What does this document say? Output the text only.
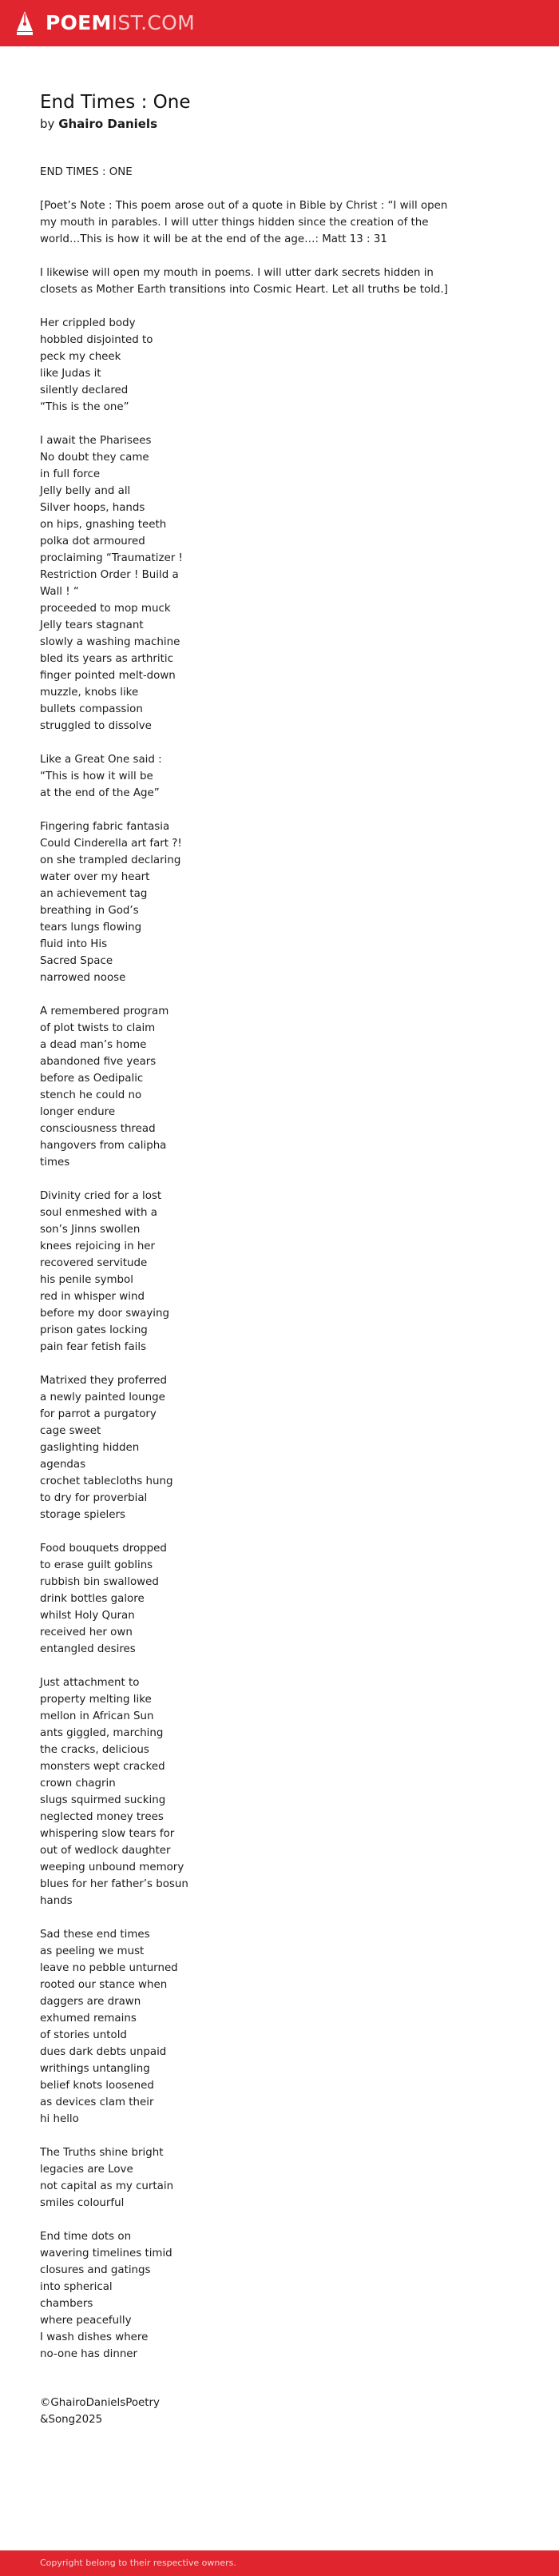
POEMIST.COM
End Times : One
by Ghairo Daniels
END TIMES : ONE
[Poet’s Note : This poem arose out of a quote in Bible by Christ : “I will open my mouth in parables. I will utter things hidden since the creation of the world…This is how it will be at the end of the age…: Matt 13 : 31
I likewise will open my mouth in poems. I will utter dark secrets hidden in closets as Mother Earth transitions into Cosmic Heart. Let all truths be told.]
Her crippled body
hobbled disjointed to
peck my cheek
like Judas it
silently declared
“This is the one”
I await the Pharisees
No doubt they came
in full force
Jelly belly and all
Silver hoops, hands
on hips, gnashing teeth
polka dot armoured
proclaiming “Traumatizer !
Restriction Order ! Build a
Wall ! “
proceeded to mop muck
Jelly tears stagnant
slowly a washing machine
bled its years as arthritic
finger pointed melt-down
muzzle, knobs like
bullets compassion
struggled to dissolve
Like a Great One said :
“This is how it will be
at the end of the Age”
Fingering fabric fantasia
Could Cinderella art fart ?!
on she trampled declaring
water over my heart
an achievement tag
breathing in God’s
tears lungs flowing
fluid into His
Sacred Space
narrowed noose
A remembered program
of plot twists to claim
a dead man’s home
abandoned five years
before as Oedipalic
stench he could no
longer endure
consciousness thread
hangovers from calipha
times
Divinity cried for a lost
soul enmeshed with a
son’s Jinns swollen
knees rejoicing in her
recovered servitude
his penile symbol
red in whisper wind
before my door swaying
prison gates locking
pain fear fetish fails
Matrixed they proferred
a newly painted lounge
for parrot a purgatory
cage sweet
gaslighting hidden
agendas
crochet tablecloths hung
to dry for proverbial
storage spielers
Food bouquets dropped
to erase guilt goblins
rubbish bin swallowed
drink bottles galore
whilst Holy Quran
received her own
entangled desires
Just attachment to
property melting like
mellon in African Sun
ants giggled, marching
the cracks, delicious
monsters wept cracked
crown chagrin
slugs squirmed sucking
neglected money trees
whispering slow tears for
out of wedlock daughter
weeping unbound memory
blues for her father’s bosun
hands
Sad these end times
as peeling we must
leave no pebble unturned
rooted our stance when
daggers are drawn
exhumed remains
of stories untold
dues dark debts unpaid
writhings untangling
belief knots loosened
as devices clam their
hi hello
The Truths shine bright
legacies are Love
not capital as my curtain
smiles colourful
End time dots on
wavering timelines timid
closures and gatings
into spherical
chambers
where peacefully
I wash dishes where
no-one has dinner
©GhairoDanielsPoetry
&Song2025
Copyright belong to their respective owners.
